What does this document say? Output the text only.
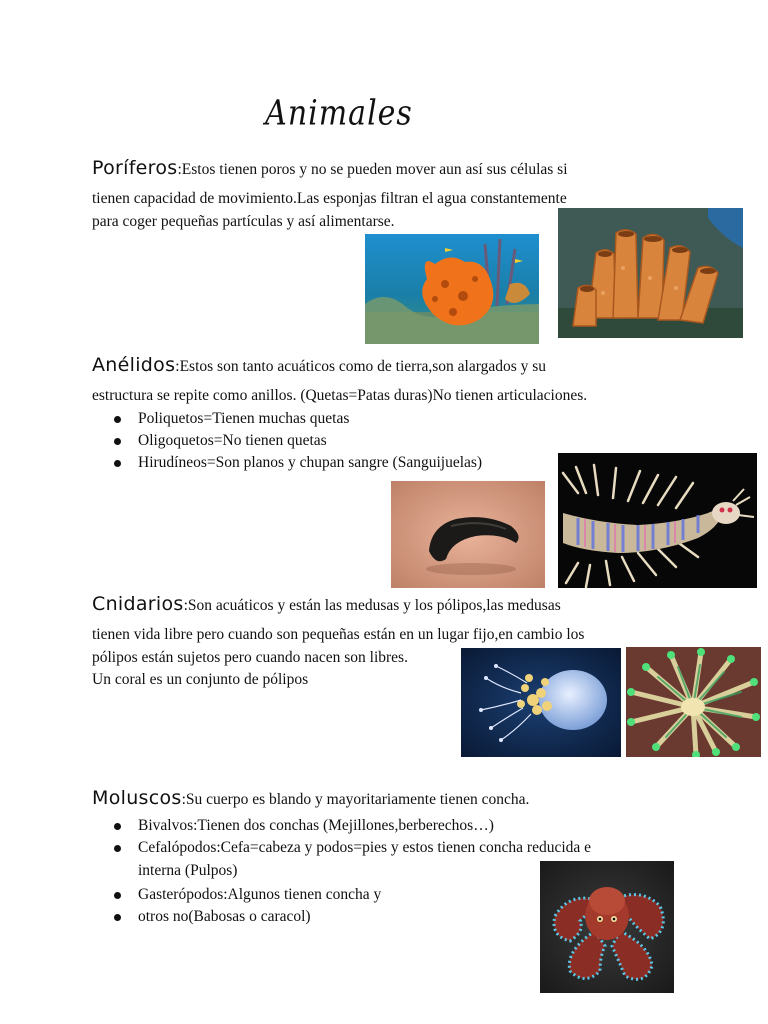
Animales
Poríferos:Estos tienen poros y no se pueden mover aun así sus células si
tienen capacidad de movimiento.Las esponjas filtran el agua constantemente
para coger pequeñas partículas y así alimentarse.
Anélidos:Estos son tanto acuáticos como de tierra,son alargados y su
estructura se repite como anillos. (Quetas=Patas duras)No tienen articulaciones.
Poliquetos=Tienen muchas quetas
Oligoquetos=No tienen quetas
Hirudíneos=Son planos y chupan sangre (Sanguijuelas)
Cnidarios:Son acuáticos y están las medusas y los pólipos,las medusas
tienen vida libre pero cuando son pequeñas están en un lugar fijo,en cambio los
pólipos están sujetos pero cuando nacen son libres.
Un coral es un conjunto de pólipos
Moluscos:Su cuerpo es blando y mayoritariamente tienen concha.
Bivalvos:Tienen dos conchas (Mejillones,berberechos…)
Cefalópodos:Cefa=cabeza y podos=pies y estos tienen concha reducida e
interna (Pulpos)
Gasterópodos:Algunos tienen concha y
otros no(Babosas o caracol)
